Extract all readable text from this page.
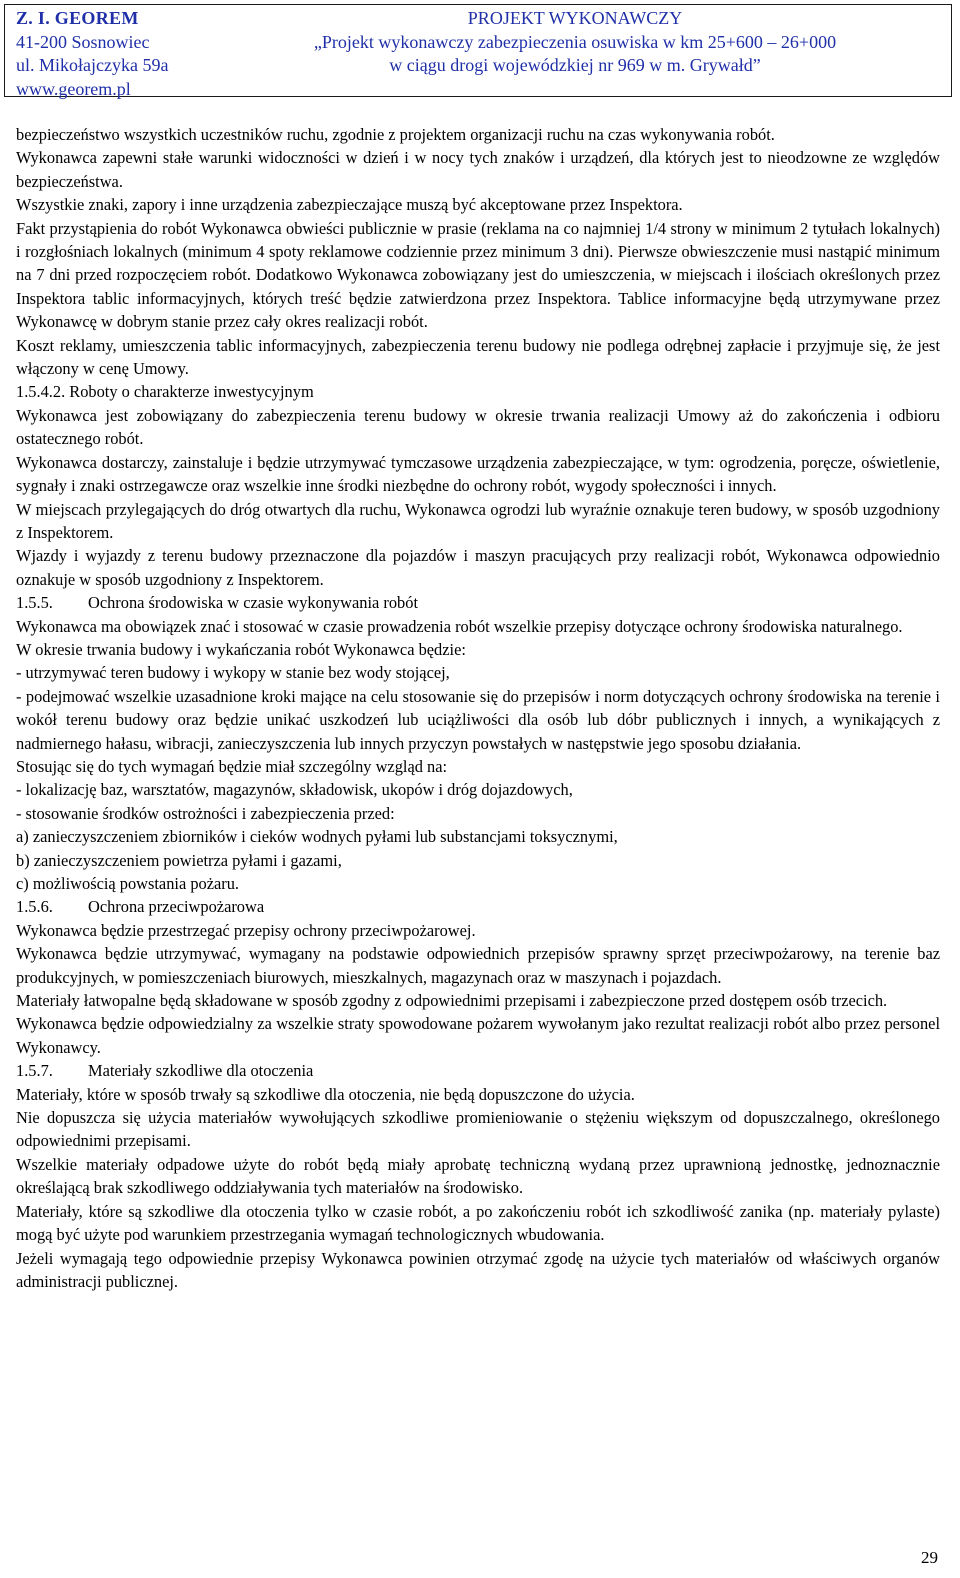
Z. I. GEOREM
41-200 Sosnowiec
ul. Mikołajczyka 59a
www.georem.pl
PROJEKT WYKONAWCZY
„Projekt wykonawczy zabezpieczenia osuwiska w km 25+600 – 26+000
w ciągu drogi wojewódzkiej nr 969 w m. Grywałd”

bezpieczeństwo wszystkich uczestników ruchu, zgodnie z projektem organizacji ruchu na czas wykonywania robót.

Wykonawca zapewni stałe warunki widoczności w dzień i w nocy tych znaków i urządzeń, dla których jest to nieodzowne ze względów bezpieczeństwa.

Wszystkie znaki, zapory i inne urządzenia zabezpieczające muszą być akceptowane przez Inspektora.

Fakt przystąpienia do robót Wykonawca obwieści publicznie w prasie (reklama na co najmniej 1/4 strony w minimum 2 tytułach lokalnych) i rozgłośniach lokalnych (minimum 4 spoty reklamowe codziennie przez minimum 3 dni). Pierwsze obwieszczenie musi nastąpić minimum na 7 dni przed rozpoczęciem robót. Dodatkowo Wykonawca zobowiązany jest do umieszczenia, w miejscach i ilościach określonych przez Inspektora tablic informacyjnych, których treść będzie zatwierdzona przez Inspektora. Tablice informacyjne będą utrzymywane przez Wykonawcę w dobrym stanie przez cały okres realizacji robót.

Koszt reklamy, umieszczenia tablic informacyjnych, zabezpieczenia terenu budowy nie podlega odrębnej zapłacie i przyjmuje się, że jest włączony w cenę Umowy.

1.5.4.2. Roboty o charakterze inwestycyjnym

Wykonawca jest zobowiązany do zabezpieczenia terenu budowy w okresie trwania realizacji Umowy aż do zakończenia i odbioru ostatecznego robót.

Wykonawca dostarczy, zainstaluje i będzie utrzymywać tymczasowe urządzenia zabezpieczające, w tym: ogrodzenia, poręcze, oświetlenie, sygnały i znaki ostrzegawcze oraz wszelkie inne środki niezbędne do ochrony robót, wygody społeczności i innych.

W miejscach przylegających do dróg otwartych dla ruchu, Wykonawca ogrodzi lub wyraźnie oznakuje teren budowy, w sposób uzgodniony z Inspektorem.

Wjazdy i wyjazdy z terenu budowy przeznaczone dla pojazdów i maszyn pracujących przy realizacji robót, Wykonawca odpowiednio oznakuje w sposób uzgodniony z Inspektorem.

1.5.5. Ochrona środowiska w czasie wykonywania robót

Wykonawca ma obowiązek znać i stosować w czasie prowadzenia robót wszelkie przepisy dotyczące ochrony środowiska naturalnego.

W okresie trwania budowy i wykańczania robót Wykonawca będzie:

- utrzymywać teren budowy i wykopy w stanie bez wody stojącej,

- podejmować wszelkie uzasadnione kroki mające na celu stosowanie się do przepisów i norm dotyczących ochrony środowiska na terenie i wokół terenu budowy oraz będzie unikać uszkodzeń lub uciążliwości dla osób lub dóbr publicznych i innych, a wynikających z nadmiernego hałasu, wibracji, zanieczyszczenia lub innych przyczyn powstałych w następstwie jego sposobu działania.

Stosując się do tych wymagań będzie miał szczególny wzgląd na:

- lokalizację baz, warsztatów, magazynów, składowisk, ukopów i dróg dojazdowych,

- stosowanie środków ostrożności i zabezpieczenia przed:

a) zanieczyszczeniem zbiorników i cieków wodnych pyłami lub substancjami toksycznymi,

b) zanieczyszczeniem powietrza pyłami i gazami,

c) możliwością powstania pożaru.

1.5.6. Ochrona przeciwpożarowa

Wykonawca będzie przestrzegać przepisy ochrony przeciwpożarowej.

Wykonawca będzie utrzymywać, wymagany na podstawie odpowiednich przepisów sprawny sprzęt przeciwpożarowy, na terenie baz produkcyjnych, w pomieszczeniach biurowych, mieszkalnych, magazynach oraz w maszynach i pojazdach.

Materiały łatwopalne będą składowane w sposób zgodny z odpowiednimi przepisami i zabezpieczone przed dostępem osób trzecich.

Wykonawca będzie odpowiedzialny za wszelkie straty spowodowane pożarem wywołanym jako rezultat realizacji robót albo przez personel Wykonawcy.

1.5.7. Materiały szkodliwe dla otoczenia

Materiały, które w sposób trwały są szkodliwe dla otoczenia, nie będą dopuszczone do użycia.

Nie dopuszcza się użycia materiałów wywołujących szkodliwe promieniowanie o stężeniu większym od dopuszczalnego, określonego odpowiednimi przepisami.

Wszelkie materiały odpadowe użyte do robót będą miały aprobatę techniczną wydaną przez uprawnioną jednostkę, jednoznacznie określającą brak szkodliwego oddziaływania tych materiałów na środowisko.

Materiały, które są szkodliwe dla otoczenia tylko w czasie robót, a po zakończeniu robót ich szkodliwość zanika (np. materiały pylaste) mogą być użyte pod warunkiem przestrzegania wymagań technologicznych wbudowania.

Jeżeli wymagają tego odpowiednie przepisy Wykonawca powinien otrzymać zgodę na użycie tych materiałów od właściwych organów administracji publicznej.

29
